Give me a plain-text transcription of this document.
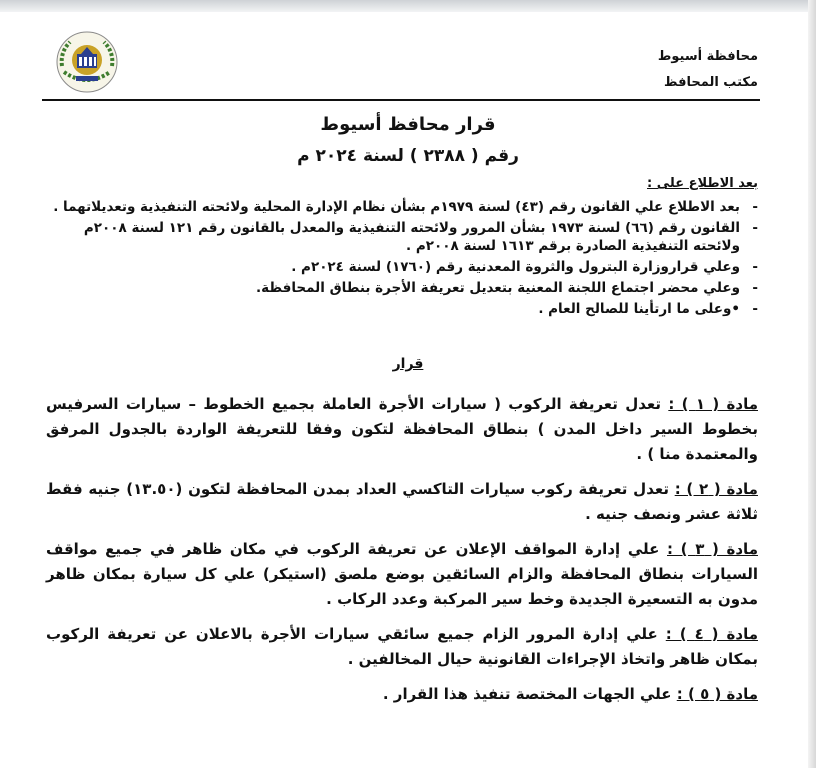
محافظة أسيوط
مكتب المحافظ
قرار محافظ أسيوط
رقم ( ٢٣٨٨ ) لسنة ٢٠٢٤ م
بعد الاطلاع على :
-
بعد الاطلاع علي القانون رقم (٤٣) لسنة ١٩٧٩م بشأن نظام الإدارة المحلية ولائحته التنفيذية وتعديلاتهما .
-
القانون رقم (٦٦) لسنة ١٩٧٣ بشأن المرور ولائحته التنفيذية والمعدل بالقانون رقم ١٢١ لسنة ٢٠٠٨م ولائحته التنفيذية الصادرة برقم ١٦١٣ لسنة ٢٠٠٨م .
-
وعلي قراروزارة البترول والثروة المعدنية رقم (١٧٦٠) لسنة ٢٠٢٤م .
-
وعلي محضر اجتماع اللجنة المعنية بتعديل تعريفة الأجرة بنطاق المحافظة.
-
•وعلى ما ارتأينا للصالح العام .
قرار
مادة ( ١ ) : تعدل تعريفة الركوب ( سيارات الأجرة العاملة بجميع الخطوط – سيارات السرفيس بخطوط السير داخل المدن ) بنطاق المحافظة لتكون وفقا للتعريفة الواردة بالجدول المرفق والمعتمدة منا ) .
مادة ( ٢ ) : تعدل تعريفة ركوب سيارات التاكسي العداد بمدن المحافظة لتكون (١٣.٥٠) جنيه فقط ثلاثة عشر ونصف جنيه .
مادة ( ٣ ) : علي إدارة المواقف الإعلان عن تعريفة الركوب في مكان ظاهر في جميع مواقف السيارات بنطاق المحافظة والزام السائقين بوضع ملصق (استيكر) علي كل سيارة بمكان ظاهر مدون به التسعيرة الجديدة وخط سير المركبة وعدد الركاب .
مادة ( ٤ ) : علي إدارة المرور الزام جميع سائقي سيارات الأجرة بالاعلان عن تعريفة الركوب بمكان ظاهر واتخاذ الإجراءات القانونية حيال المخالفين .
مادة ( ٥ ) : علي الجهات المختصة تنفيذ هذا القرار .
